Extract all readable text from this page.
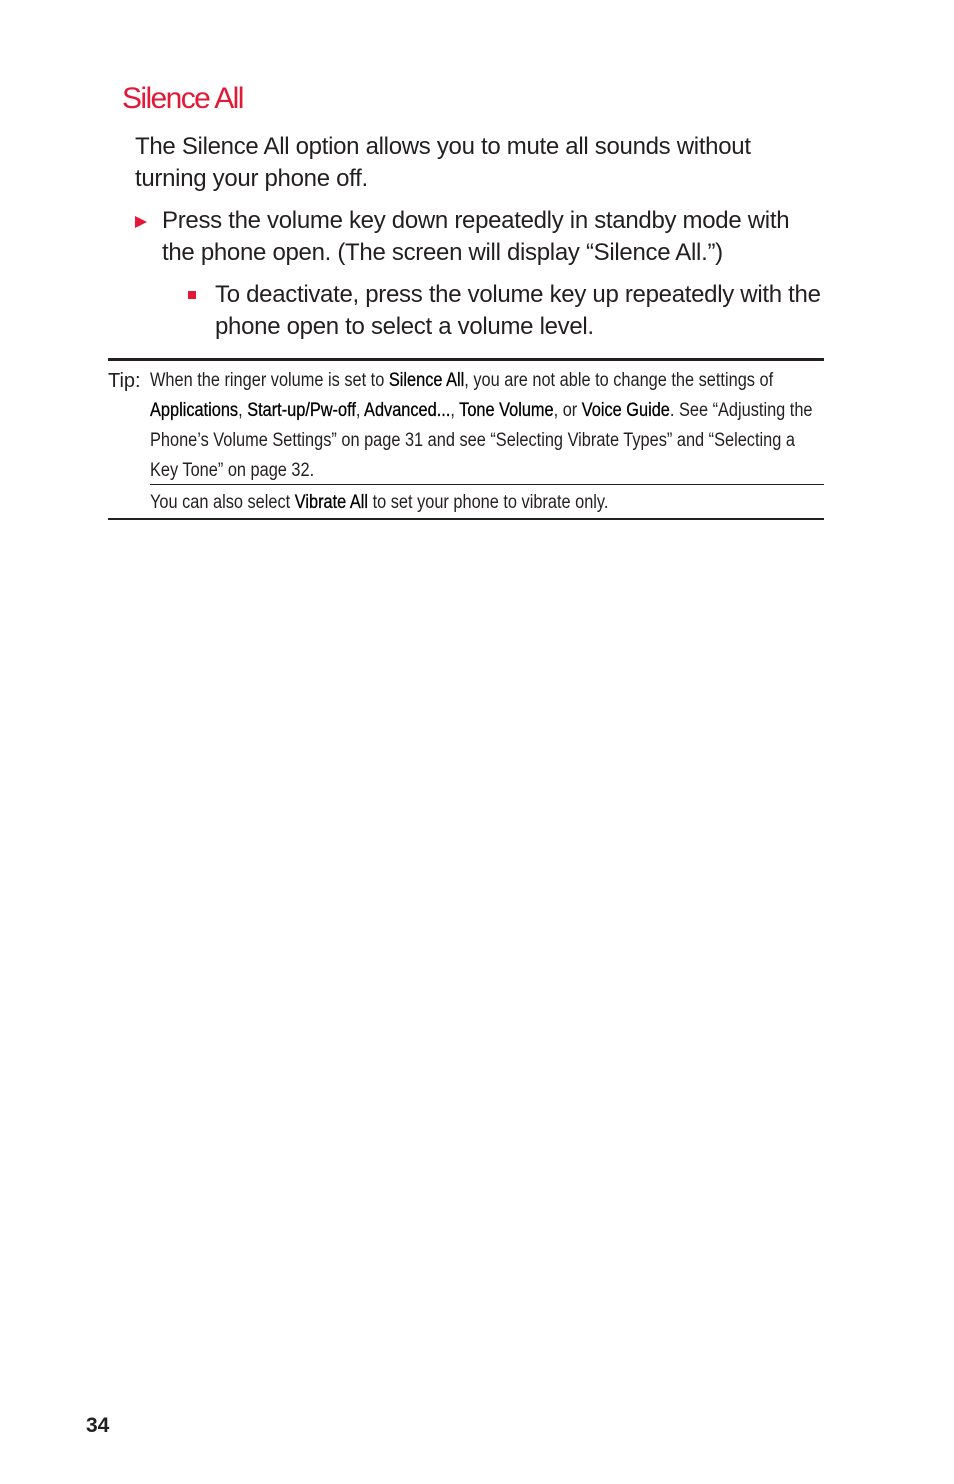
Silence All

The Silence All option allows you to mute all sounds without turning your phone off.

Press the volume key down repeatedly in standby mode with the phone open. (The screen will display “Silence All.”)
To deactivate, press the volume key up repeatedly with the phone open to select a volume level.
Tip: When the ringer volume is set to Silence All, you are not able to change the settings of Applications, Start-up/Pw-off, Advanced..., Tone Volume, or Voice Guide. See “Adjusting the Phone’s Volume Settings” on page 31 and see “Selecting Vibrate Types” and “Selecting a Key Tone” on page 32.
You can also select Vibrate All to set your phone to vibrate only.
34
